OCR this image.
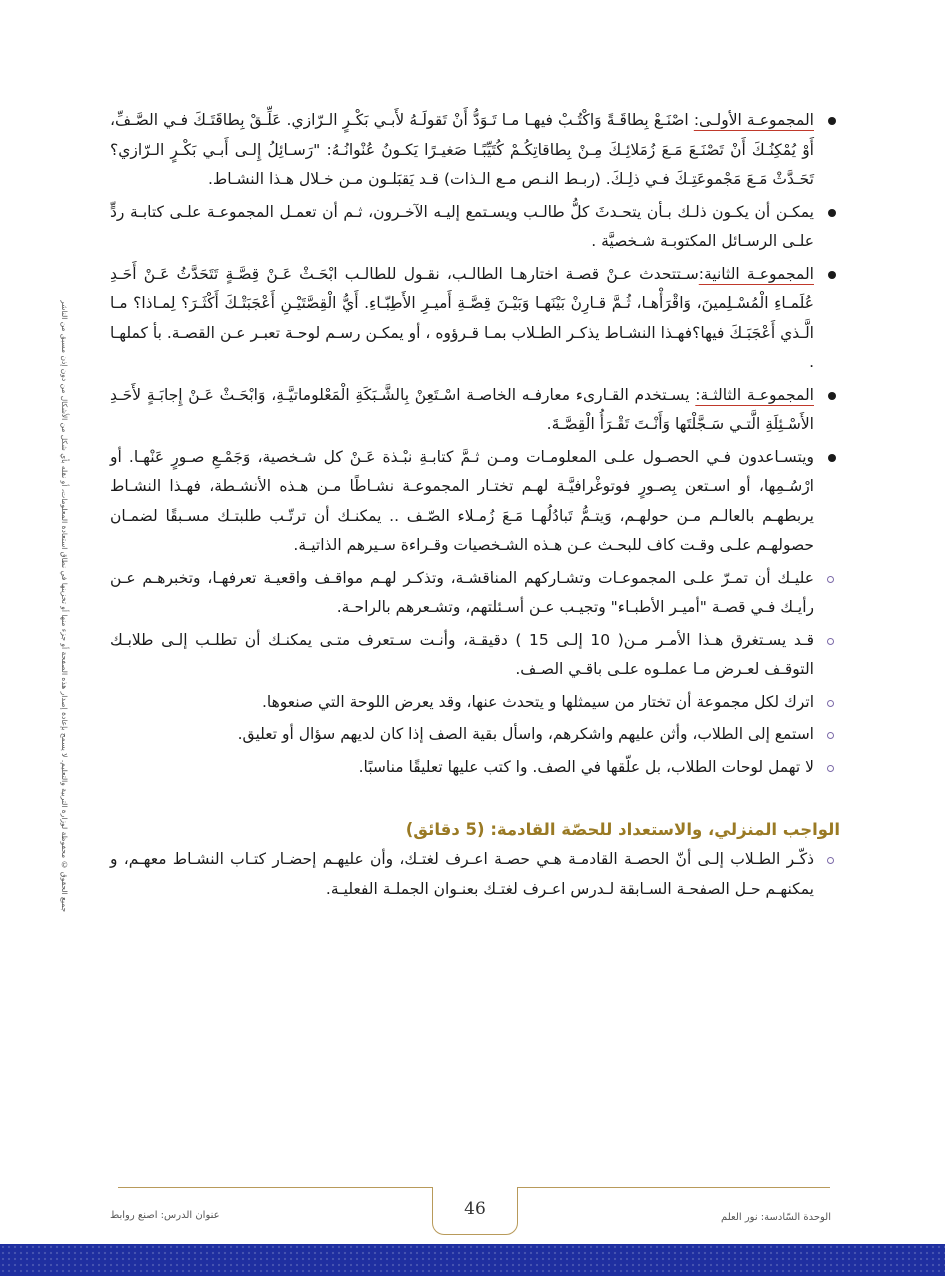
جميع الحقوق © محفوظة لوزارة التربية والتعليم. لا يسمح بإعادة إصدار هذه الصفحة أو جزء منها أو تخزينها في نطاق استعادة المعلومات، أو نقله بأي شكل من الأشكال من دون إذن مسبق من الناشر
المجموعـة الأولـى: اصْنَـعْ بِطاقَـةً وَاكْتُـبْ فيهـا مـا تَـوَدُّ أَنْ تَقولَـهُ لأَبـي بَكْـرٍ الـرّازي. عَلِّـقْ بِطاقَتَـكَ فـي الصَّـفِّ، أَوْ يُمْكِنُـكَ أَنْ تَصْنَـعَ مَـعَ زُمَلائِـكَ مِـنْ بِطاقاتِكُـمْ كُتَيِّبًـا صَغيـرًا يَكـونُ عُنْوانُـهُ: "رَسـائِلُ إِلـى أَبـي بَكْـرٍ الـرّازي؟ تَحَـدَّثْ مَـعَ مَجْموعَتِـكَ فـي ذلِـكَ. (ربـط النـص مـع الـذات) قـد يَقبَلـون مـن خـلال هـذا النشـاط.
يمكـن أن يكـون ذلـك بـأن يتحـدثَ كلُّ طالـب ويسـتمع إليـه الآخـرون، ثـم أن تعمـل المجموعـة علـى كتابـة ردٍّ علـى الرسـائل المكتوبـة شـخصيَّة .
المجموعـة الثانية:سـتتحدث عـنْ قصـة اختارهـا الطالـب، نقـول للطالـب ابْحَـثْ عَـنْ قِصَّـةٍ تَتَحَدَّثُ عَـنْ أَحَـدِ عُلَمـاءِ الْمُسْـلِمينَ، وَاقْرَأْهـا، ثُـمَّ قـارِنْ بَيْنَهـا وَبَيْـنَ قِصَّـةِ أَميـرِ الأَطِبّـاءِ. أَيُّ الْقِصَّتَيْـنِ أَعْجَبَتْـكَ أَكْثَـرَ؟ لِمـاذا؟ مـا الَّـذي أَعْجَبَـكَ فيها؟فهـذا النشـاط يذكـر الطـلاب بمـا قـرؤوه ، أو يمكـن رسـم لوحـة تعبـر عـن القصـة. بأ كملهـا .
المجموعـة الثالثـة: يسـتخدم القـارىء معارفـه الخاصـة اسْـتَعِنْ بِالشَّـبَكَةِ الْمَعْلوماتيَّـةِ، وَابْحَـثْ عَـنْ إِجابَـةٍ لأَحَـدِ الأَسْـئِلَةِ الَّتـي سَـجَّلْتَها وَأَنْـتَ تَقْـرَأُ الْقِصَّـةَ.
ويتسـاعدون فـي الحصـول علـى المعلومـات ومـن ثـمَّ كتابـةِ نبْـذة عَـنْ كل شـخصية، وَجَمْـعِ صـورٍ عَنْهـا. أو ارْسُـمِها، أو اسـتعن بِصـورٍ فوتوغْرافيَّـة لهـم تختـار المجموعـة نشـاطًا مـن هـذه الأنشـطة، فهـذا النشـاط يربطهـم بالعالـم مـن حولهـم، وَيتـمُّ تَبادُلُهـا مَـعَ زُمـلاء الصّـف .. يمكنـك أن ترتّـب طلبتـك مسـبقًا لضمـان حصولهـم علـى وقـت كاف للبحـث عـن هـذه الشـخصيات وقـراءة سـيرهم الذاتيـة.
عليـك أن تمـرّ علـى المجموعـات وتشـاركهم المناقشـة، وتذكـر لهـم مواقـف واقعيـة تعرفهـا، وتخبرهـم عـن رأيـك فـي قصـة "أميـر الأطبـاء" وتجيـب عـن أسـئلتهم، وتشـعرهم بالراحـة.
قـد يسـتغرق هـذا الأمـر مـن( 10 إلـى 15 ) دقيقـة، وأنـت سـتعرف متـى يمكنـك أن تطلـب إلـى طلابـك التوقـف لعـرض مـا عملـوه علـى باقـي الصـف.
اترك لكل مجموعة أن تختار من سيمثلها و يتحدث عنها، وقد يعرض اللوحة التي صنعوها.
استمع إلى الطلاب، وأثن عليهم واشكرهم، واسأل بقية الصف إذا كان لديهم سؤال أو تعليق.
لا تهمل لوحات الطلاب، بل علّقها في الصف. وا كتب عليها تعليقًا مناسبًا.
الواجب المنزلي، والاستعداد للحصّة القادمة: (5 دقائق)
ذكّـر الطـلاب إلـى أنّ الحصـة القادمـة هـي حصـة اعـرف لغتـك، وأن عليهـم إحضـار كتـاب النشـاط معهـم، و يمكنهـم حـل الصفحـة السـابقة لـدرس اعـرف لغتـك بعنـوان الجملـة الفعليـة.
46	الوحدة السّادسة: نور العلم
عنوان الدرس: اصنع روابط
